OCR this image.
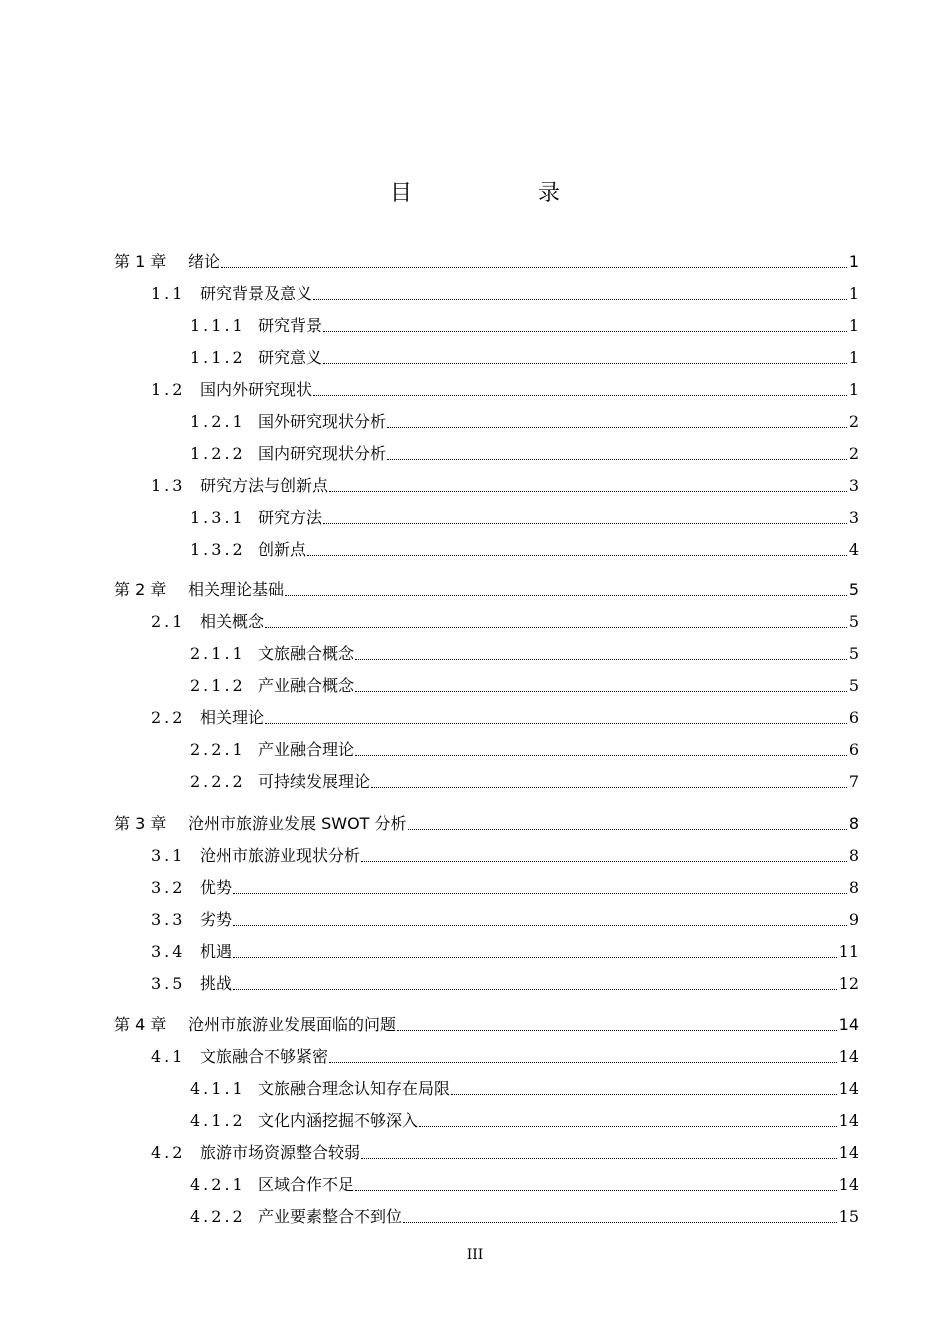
目　录
第 1 章	绪论	1
1.1 研究背景及意义	1
1.1.1 研究背景	1
1.1.2 研究意义	1
1.2 国内外研究现状	1
1.2.1 国外研究现状分析	2
1.2.2 国内研究现状分析	2
1.3 研究方法与创新点	3
1.3.1 研究方法	3
1.3.2 创新点	4
第 2 章	相关理论基础	5
2.1 相关概念	5
2.1.1 文旅融合概念	5
2.1.2 产业融合概念	5
2.2 相关理论	6
2.2.1 产业融合理论	6
2.2.2 可持续发展理论	7
第 3 章	沧州市旅游业发展 SWOT 分析	8
3.1 沧州市旅游业现状分析	8
3.2 优势	8
3.3 劣势	9
3.4 机遇	11
3.5 挑战	12
第 4 章	沧州市旅游业发展面临的问题	14
4.1 文旅融合不够紧密	14
4.1.1 文旅融合理念认知存在局限	14
4.1.2 文化内涵挖掘不够深入	14
4.2 旅游市场资源整合较弱	14
4.2.1 区域合作不足	14
4.2.2 产业要素整合不到位	15
III
